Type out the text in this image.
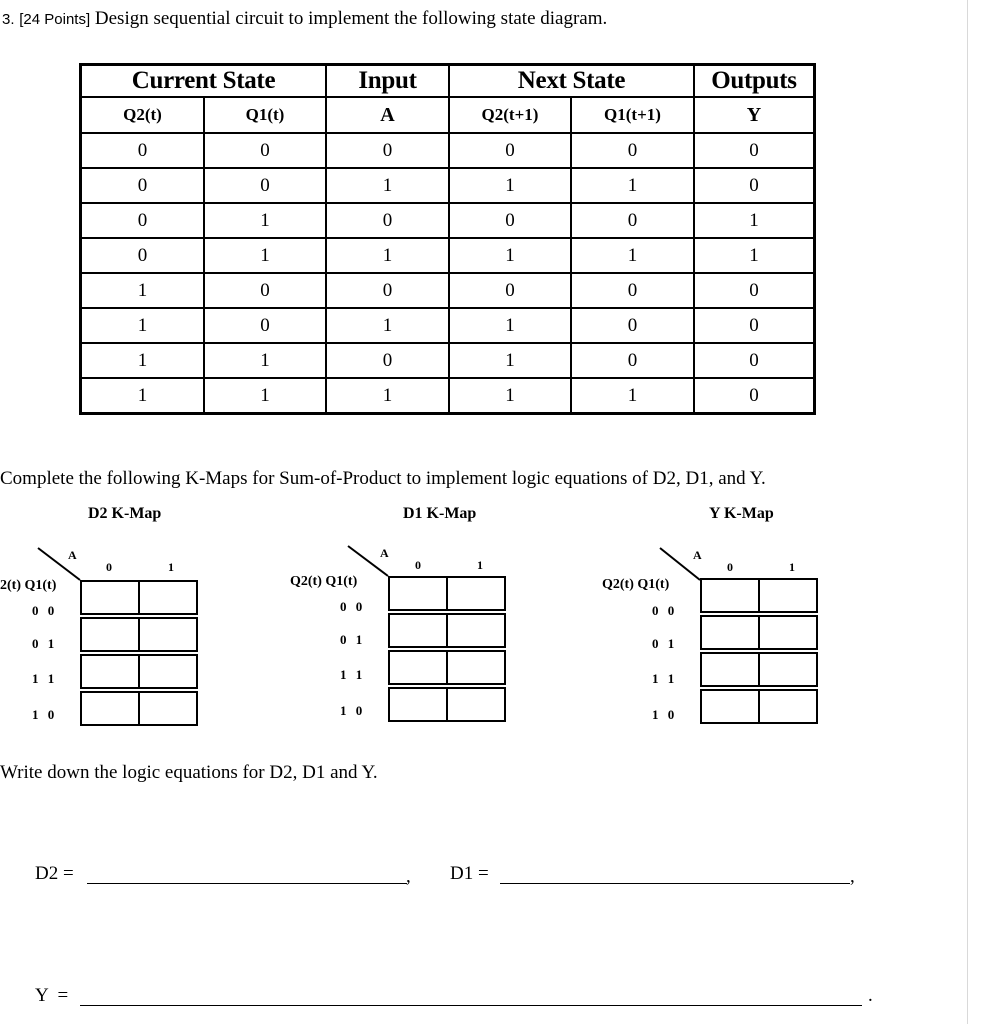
3. [24 Points] Design sequential circuit to implement the following state diagram.
Current State		Input	Next State		Outputs
Q2(t)	Q1(t)	A	Q2(t+1)	Q1(t+1)	Y
0	0	0	0	0	0
0	0	1	1	1	0
0	1	0	0	0	1
0	1	1	1	1	1
1	0	0	0	0	0
1	0	1	1	0	0
1	1	0	1	0	0
1	1	1	1	1	0
Complete the following K-Maps for Sum-of-Product to implement logic equations of D2, D1, and Y.
D2 K-Map	D1 K-Map	Y K-Map
A
0	1
2(t) Q1(t)
0 0
0 1
1 1
1 0
A
0	1
Q2(t) Q1(t)
0 0
0 1
1 1
1 0
A
0	1
Q2(t) Q1(t)
0 0
0 1
1 1
1 0
Write down the logic equations for D2, D1 and Y.
D2 =	, D1 =	,
Y  =	.
